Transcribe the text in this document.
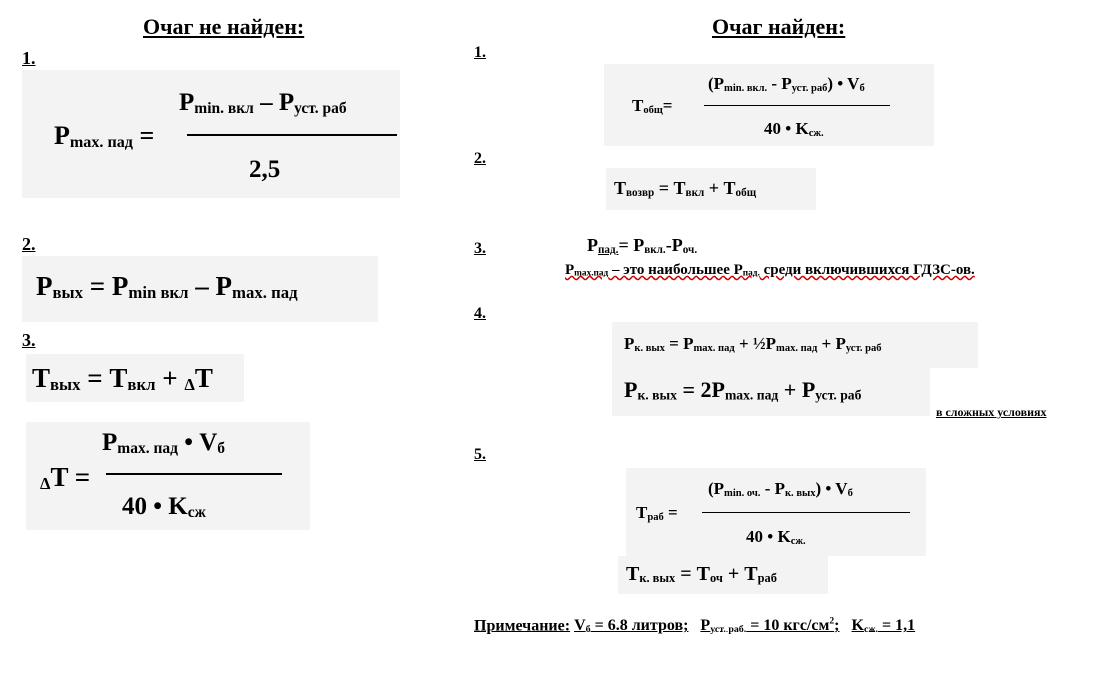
Очаг не найден:
1.
Pmax. пад =
Pmin. вкл – Pуст. раб
2,5
2.
Pвых = Pmin вкл – Pmax. пад
3.
Tвых = Tвкл + ΔT
ΔT =
Pmax. пад • Vб
40 • Kсж
Очаг найден:
1.
Tобщ=
(Pmin. вкл. - Pуст. раб) • Vб
40 • Kсж.
2.
Tвозвр = Tвкл + Tобщ
3.	Pпад.= Pвкл.-Pоч.
Pmax.пад – это наибольшее Pпад. среди включившихся ГДЗС-ов.
4.
Pк. вых = Pmax. пад + ½Pmax. пад + Pуст. раб
Pк. вых = 2Pmax. пад + Pуст. раб
в сложных условиях
5.
Tраб =
(Pmin. оч. - Pк. вых) • Vб
40 • Kсж.
Tк. вых = Tоч + Tраб
Примечание: Vб = 6.8 литров; Pуст. раб. = 10 кгс/$см^2$; Kсж. = 1,1
